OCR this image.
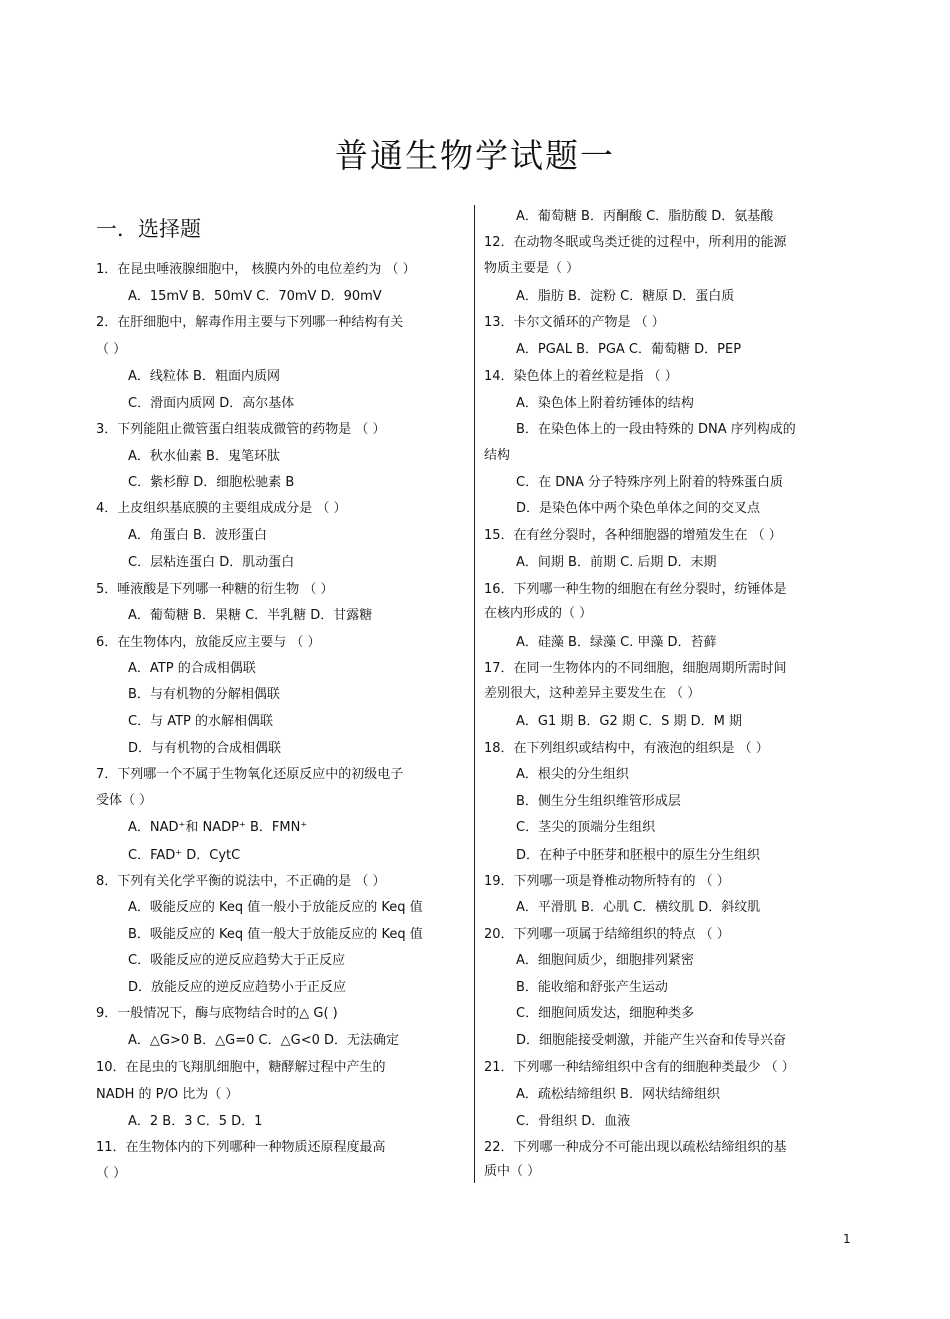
普通生物学试题一
一．选择题
1．在昆虫唾液腺细胞中， 核膜内外的电位差约为 （ ）
A．15mV B．50mV C．70mV D．90mV
2．在肝细胞中，解毒作用主要与下列哪一种结构有关
（ ）
A．线粒体 B．粗面内质网
C．滑面内质网 D．高尔基体
3．下列能阻止微管蛋白组装成微管的药物是 （ ）
A．秋水仙素 B．鬼笔环肽
C．紫杉醇 D．细胞松驰素 B
4．上皮组织基底膜的主要组成成分是 （ ）
A．角蛋白 B．波形蛋白
C．层粘连蛋白 D．肌动蛋白
5．唾液酸是下列哪一种糖的衍生物 （ ）
A．葡萄糖 B．果糖 C．半乳糖 D．甘露糖
6．在生物体内，放能反应主要与 （ ）
A．ATP 的合成相偶联
B．与有机物的分解相偶联
C．与 ATP 的水解相偶联
D．与有机物的合成相偶联
7．下列哪一个不属于生物氧化还原反应中的初级电子
受体（ ）
A．NAD⁺和 NADP⁺ B．FMN⁺
C．FAD⁺ D．CytC
8．下列有关化学平衡的说法中，不正确的是 （ ）
A．吸能反应的 Keq 值一般小于放能反应的 Keq 值
B．吸能反应的 Keq 值一般大于放能反应的 Keq 值
C．吸能反应的逆反应趋势大于正反应
D．放能反应的逆反应趋势小于正反应
9．一般情况下，酶与底物结合时的△ G( )
A．△G>0 B．△G=0 C．△G<0 D．无法确定
10．在昆虫的飞翔肌细胞中，糖酵解过程中产生的
NADH 的 P/O 比为（ ）
A．2 B．3 C．5 D．1
11．在生物体内的下列哪种一种物质还原程度最高
（ ）
A．葡萄糖 B．丙酮酸 C．脂肪酸 D．氨基酸
12．在动物冬眠或鸟类迁徙的过程中，所利用的能源
物质主要是（ ）
A．脂肪 B．淀粉 C．糖原 D．蛋白质
13．卡尔文循环的产物是 （ ）
A．PGAL B．PGA C．葡萄糖 D．PEP
14．染色体上的着丝粒是指 （ ）
A．染色体上附着纺锤体的结构
B．在染色体上的一段由特殊的 DNA 序列构成的
结构
C．在 DNA 分子特殊序列上附着的特殊蛋白质
D．是染色体中两个染色单体之间的交叉点
15．在有丝分裂时，各种细胞器的增殖发生在 （ ）
A．间期 B．前期 C. 后期 D．末期
16．下列哪一种生物的细胞在有丝分裂时，纺锤体是
在核内形成的（ ）
A．硅藻 B．绿藻 C. 甲藻 D．苔藓
17．在同一生物体内的不同细胞，细胞周期所需时间
差别很大，这种差异主要发生在 （ ）
A．G1 期 B．G2 期 C．S 期 D．M 期
18．在下列组织或结构中，有液泡的组织是 （ ）
A．根尖的分生组织
B．侧生分生组织维管形成层
C．茎尖的顶端分生组织
D．在种子中胚芽和胚根中的原生分生组织
19．下列哪一项是脊椎动物所特有的 （ ）
A．平滑肌 B．心肌 C．横纹肌 D．斜纹肌
20．下列哪一项属于结缔组织的特点 （ ）
A．细胞间质少，细胞排列紧密
B．能收缩和舒张产生运动
C．细胞间质发达，细胞种类多
D．细胞能接受刺激，并能产生兴奋和传导兴奋
21．下列哪一种结缔组织中含有的细胞种类最少 （ ）
A．疏松结缔组织 B．网状结缔组织
C．骨组织 D．血液
22．下列哪一种成分不可能出现以疏松结缔组织的基
质中（ ）
1
